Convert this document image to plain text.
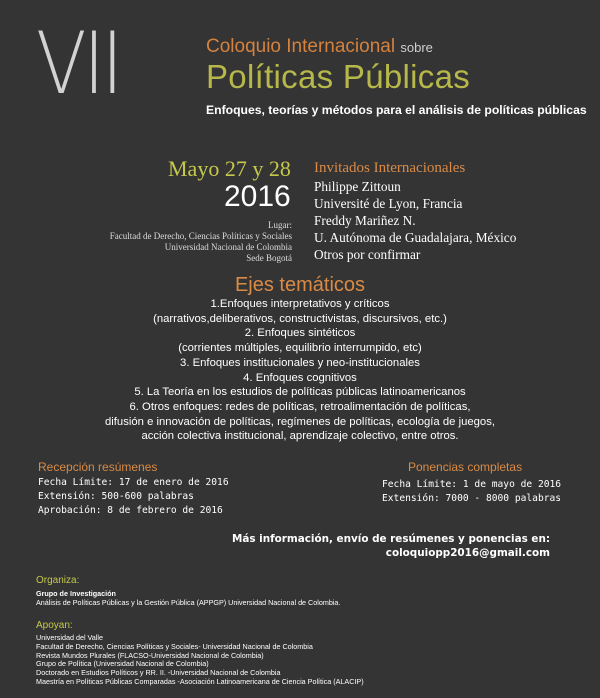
VII	Coloquio Internacional sobre
Políticas Públicas
Enfoques, teorías y métodos para el análisis de políticas públicas
Mayo 27 y 28
2016
Lugar:
Facultad de Derecho, Ciencias Políticas y Sociales
Universidad Nacional de Colombia
Sede Bogotá
Invitados Internacionales
Philippe Zittoun
Université de Lyon, Francia
Freddy Mariñez N.
U. Autónoma de Guadalajara, México
Otros por confirmar
Ejes temáticos
1.Enfoques interpretativos y críticos
(narrativos,deliberativos, constructivistas, discursivos, etc.)
2. Enfoques sintéticos
(corrientes múltiples, equilibrio interrumpido, etc)
3. Enfoques institucionales y neo-institucionales
4. Enfoques cognitivos
5. La Teoría en los estudios de políticas públicas latinoamericanos
6. Otros enfoques: redes de políticas, retroalimentación de políticas,
difusión e innovación de políticas, regímenes de políticas, ecología de juegos,
acción colectiva institucional, aprendizaje colectivo, entre otros.
Recepción resúmenes
Fecha Límite: 17 de enero de 2016
Extensión: 500-600 palabras
Aprobación: 8 de febrero de 2016
Ponencias completas
Fecha Límite: 1 de mayo de 2016
Extensión: 7000 - 8000 palabras
Más información, envío de resúmenes y ponencias en:
coloquiopp2016@gmail.com
Organiza:
Grupo de Investigación
Análisis de Políticas Públicas y la Gestión Pública (APPGP) Universidad Nacional de Colombia.
Apoyan:
Universidad del Valle
Facultad de Derecho, Ciencias Políticas y Sociales- Universidad Nacional de Colombia
Revista Mundos Plurales (FLACSO-Universidad Nacional de Colombia)
Grupo de Política (Universidad Nacional de Colombia)
Doctorado en Estudios Políticos y RR. II. -Universidad Nacional de Colombia
Maestría en Políticas Públicas Comparadas -Asociación Latinoamericana de Ciencia Política (ALACIP)
